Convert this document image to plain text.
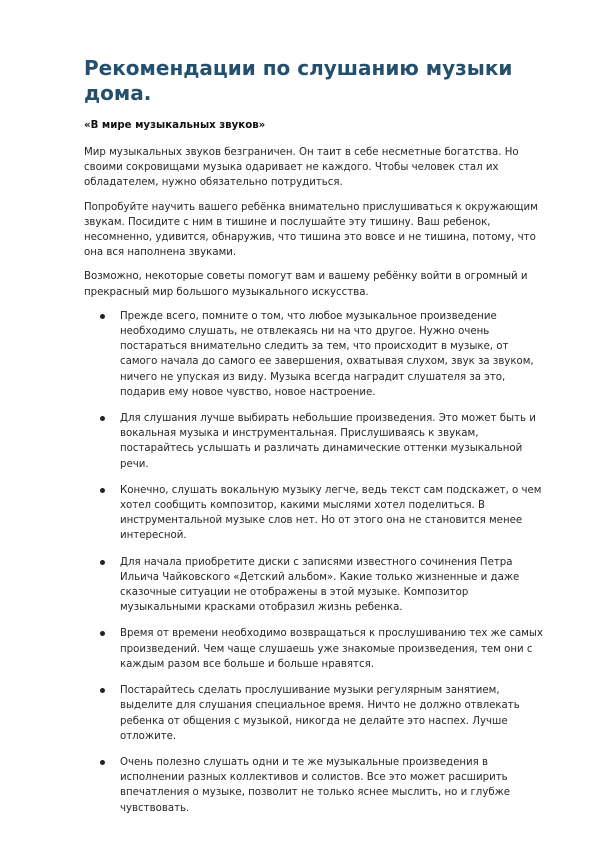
Рекомендации по слушанию музыки дома.
«В мире музыкальных звуков»

Мир музыкальных звуков безграничен. Он таит в себе несметные богатства. Но своими сокровищами музыка одаривает не каждого. Чтобы человек стал их обладателем, нужно обязательно потрудиться.

Попробуйте научить вашего ребёнка внимательно прислушиваться к окружающим звукам. Посидите с ним в тишине и послушайте эту тишину. Ваш ребенок, несомненно, удивится, обнаружив, что тишина это вовсе и не тишина, потому, что она вся наполнена звуками.

Возможно, некоторые советы помогут вам и вашему ребёнку войти в огромный и прекрасный мир большого музыкального искусства.

Прежде всего, помните о том, что любое музыкальное произведение необходимо слушать, не отвлекаясь ни на что другое. Нужно очень постараться внимательно следить за тем, что происходит в музыке, от самого начала до самого ее завершения, охватывая слухом, звук за звуком, ничего не упуская из виду. Музыка всегда наградит слушателя за это, подарив ему новое чувство, новое настроение.
Для слушания лучше выбирать небольшие произведения. Это может быть и вокальная музыка и инструментальная. Прислушиваясь к звукам, постарайтесь услышать и различать динамические оттенки музыкальной речи.
Конечно, слушать вокальную музыку легче, ведь текст сам подскажет, о чем хотел сообщить композитор, какими мыслями хотел поделиться. В инструментальной музыке слов нет. Но от этого она не становится менее интересной.
Для начала приобретите диски с записями известного сочинения Петра Ильича Чайковского «Детский альбом». Какие только жизненные и даже сказочные ситуации не отображены в этой музыке. Композитор музыкальными красками отобразил жизнь ребенка.
Время от времени необходимо возвращаться к прослушиванию тех же самых произведений. Чем чаще слушаешь уже знакомые произведения, тем они с каждым разом все больше и больше нравятся.
Постарайтесь сделать прослушивание музыки регулярным занятием, выделите для слушания специальное время. Ничто не должно отвлекать ребенка от общения с музыкой, никогда не делайте это наспех. Лучше отложите.
Очень полезно слушать одни и те же музыкальные произведения в исполнении разных коллективов и солистов. Все это может расширить впечатления о музыке, позволит не только яснее мыслить, но и глубже чувствовать.
